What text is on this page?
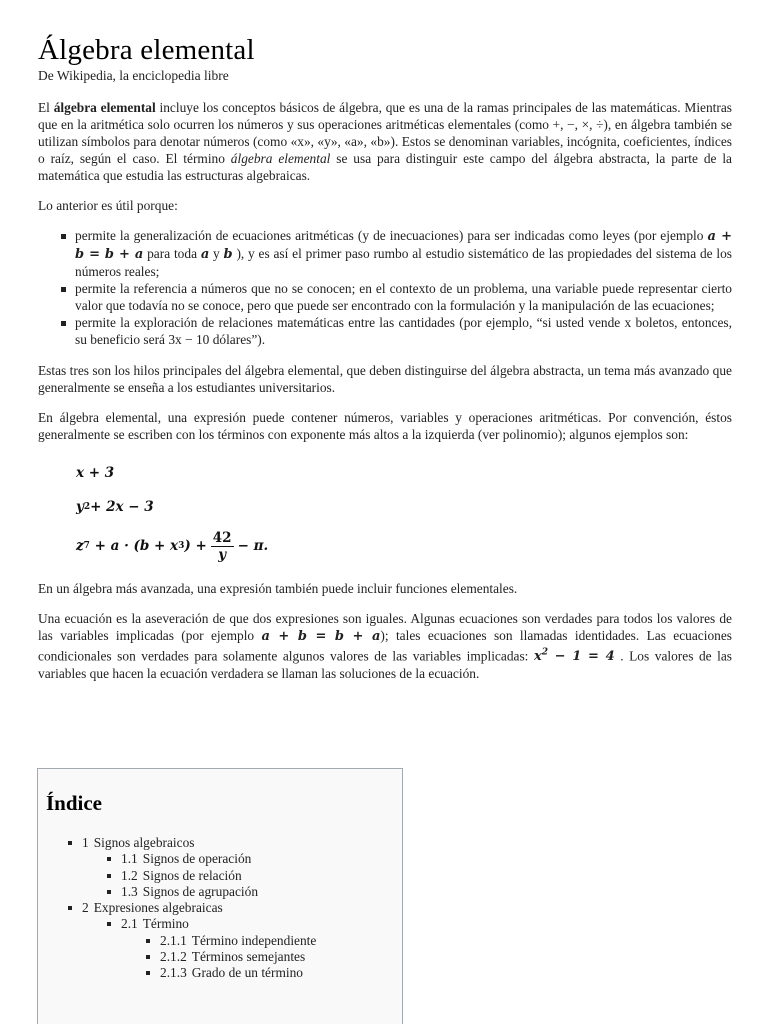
Álgebra elemental
De Wikipedia, la enciclopedia libre

El álgebra elemental incluye los conceptos básicos de álgebra, que es una de la ramas principales de las matemáticas. Mientras que en la aritmética solo ocurren los números y sus operaciones aritméticas elementales (como +, −, ×, ÷), en álgebra también se utilizan símbolos para denotar números (como «x», «y», «a», «b»). Estos se denominan variables, incógnita, coeficientes, índices o raíz, según el caso. El término álgebra elemental se usa para distinguir este campo del álgebra abstracta, la parte de la matemática que estudia las estructuras algebraicas.

Lo anterior es útil porque:

permite la generalización de ecuaciones aritméticas (y de inecuaciones) para ser indicadas como leyes (por ejemplo a + b = b + a para toda a y b ), y es así el primer paso rumbo al estudio sistemático de las propiedades del sistema de los números reales;
permite la referencia a números que no se conocen; en el contexto de un problema, una variable puede representar cierto valor que todavía no se conoce, pero que puede ser encontrado con la formulación y la manipulación de las ecuaciones;
permite la exploración de relaciones matemáticas entre las cantidades (por ejemplo, “si usted vende x boletos, entonces, su beneficio será 3x − 10 dólares”).

Estas tres son los hilos principales del álgebra elemental, que deben distinguirse del álgebra abstracta, un tema más avanzado que generalmente se enseña a los estudiantes universitarios.

En álgebra elemental, una expresión puede contener números, variables y operaciones aritméticas. Por convención, éstos generalmente se escriben con los términos con exponente más altos a la izquierda (ver polinomio); algunos ejemplos son:

x + 3
y 2 + 2x − 3
z 7 + a · (b + x 3 ) + $\frac{42}{y} - \pi$.

En un álgebra más avanzada, una expresión también puede incluir funciones elementales.

Una ecuación es la aseveración de que dos expresiones son iguales. Algunas ecuaciones son verdades para todos los valores de las variables implicadas (por ejemplo a + b = b + a); tales ecuaciones son llamadas identidades. Las ecuaciones condicionales son verdades para solamente algunos valores de las variables implicadas: $x^2 - 1 = 4$ . Los valores de las variables que hacen la ecuación verdadera se llaman las soluciones de la ecuación.

Índice
1 Signos algebraicos
1.1 Signos de operación
1.2 Signos de relación
1.3 Signos de agrupación
2 Expresiones algebraicas
2.1 Término
2.1.1 Término independiente
2.1.2 Términos semejantes
2.1.3 Grado de un término
